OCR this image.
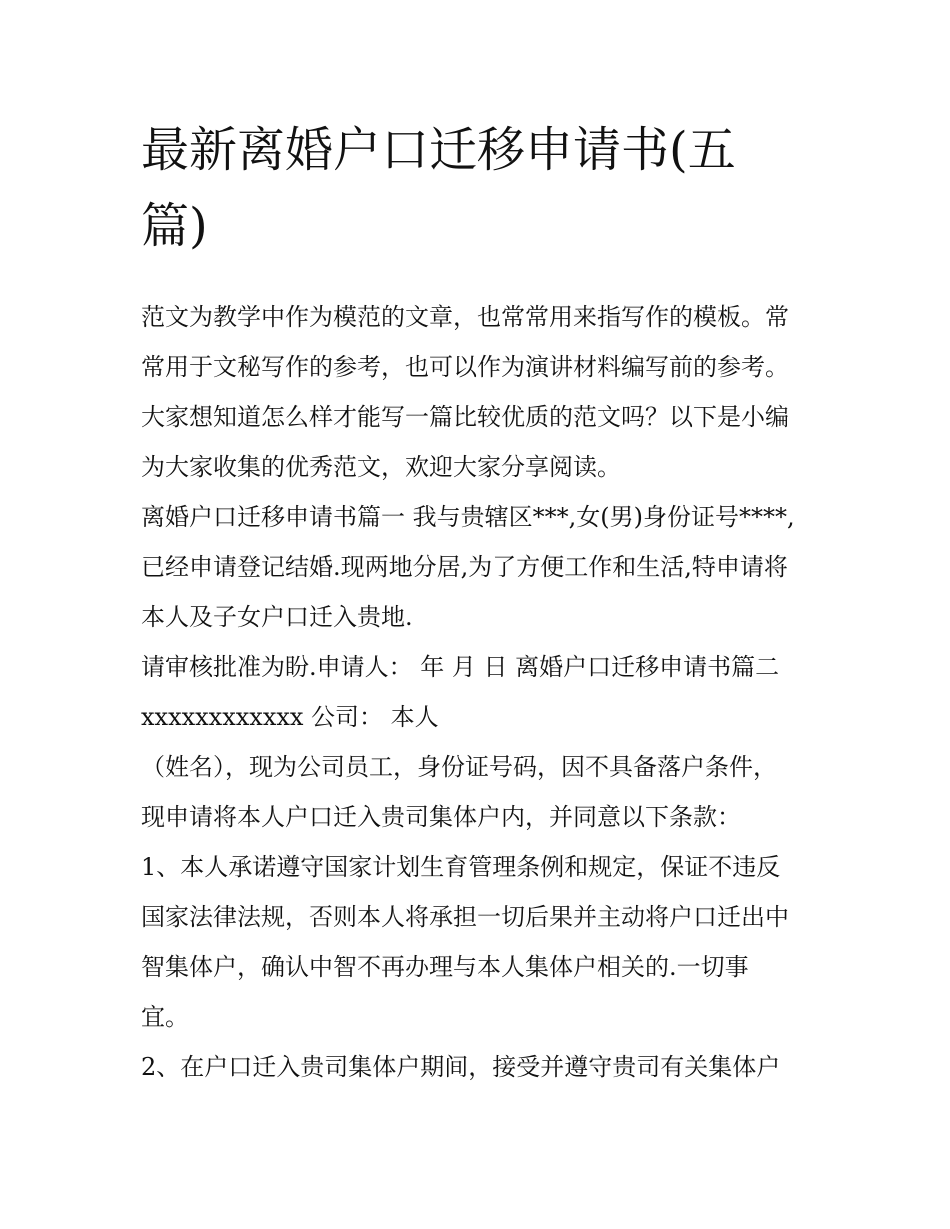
最新离婚户口迁移申请书(五
篇)
范文为教学中作为模范的文章，也常常用来指写作的模板。常
常用于文秘写作的参考，也可以作为演讲材料编写前的参考。
大家想知道怎么样才能写一篇比较优质的范文吗？以下是小编
为大家收集的优秀范文，欢迎大家分享阅读。
离婚户口迁移申请书篇一 我与贵辖区***,女(男)身份证号****,
已经申请登记结婚.现两地分居,为了方便工作和生活,特申请将
本人及子女户口迁入贵地.
请审核批准为盼.申请人： 年 月 日 离婚户口迁移申请书篇二
xxxxxxxxxxxx 公司： 本人
（姓名），现为公司员工，身份证号码，因不具备落户条件，
现申请将本人户口迁入贵司集体户内，并同意以下条款：
1、本人承诺遵守国家计划生育管理条例和规定，保证不违反
国家法律法规，否则本人将承担一切后果并主动将户口迁出中
智集体户，确认中智不再办理与本人集体户相关的.一切事
宜。
2、在户口迁入贵司集体户期间，接受并遵守贵司有关集体户
